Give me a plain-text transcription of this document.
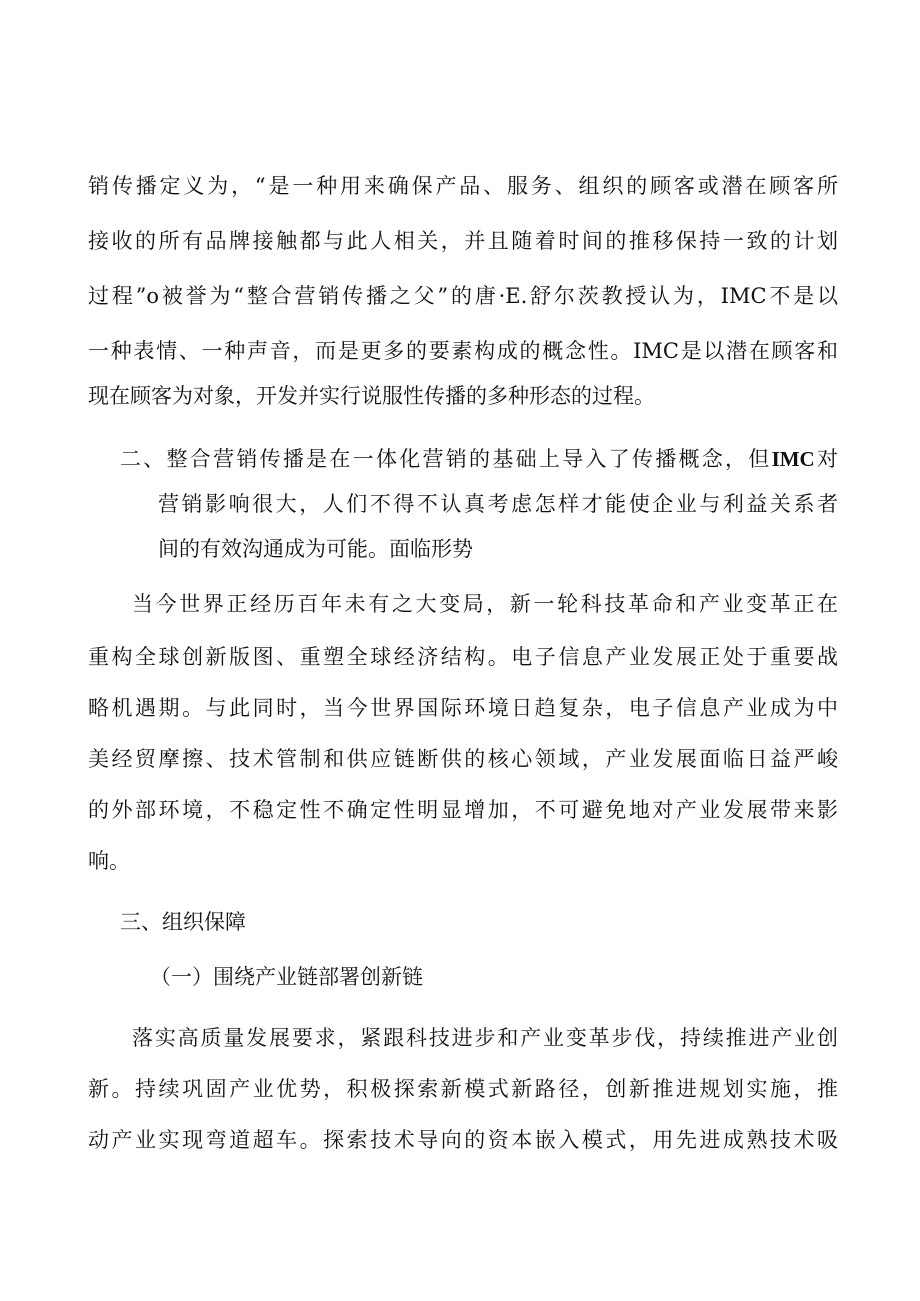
销传播定义为，“是一种用来确保产品、服务、组织的顾客或潜在顾客所
接收的所有品牌接触都与此人相关，并且随着时间的推移保持一致的计划
过程”o被誉为“整合营销传播之父”的唐·E.舒尔茨教授认为，IMC不是以
一种表情、一种声音，而是更多的要素构成的概念性。IMC是以潜在顾客和
现在顾客为对象，开发并实行说服性传播的多种形态的过程。
二、整合营销传播是在一体化营销的基础上导入了传播概念，但IMC对
营销影响很大，人们不得不认真考虑怎样才能使企业与利益关系者
间的有效沟通成为可能。面临形势
当今世界正经历百年未有之大变局，新一轮科技革命和产业变革正在
重构全球创新版图、重塑全球经济结构。电子信息产业发展正处于重要战
略机遇期。与此同时，当今世界国际环境日趋复杂，电子信息产业成为中
美经贸摩擦、技术管制和供应链断供的核心领域，产业发展面临日益严峻
的外部环境，不稳定性不确定性明显增加，不可避免地对产业发展带来影
响。
三、组织保障
（一）围绕产业链部署创新链
落实高质量发展要求，紧跟科技进步和产业变革步伐，持续推进产业创
新。持续巩固产业优势，积极探索新模式新路径，创新推进规划实施，推
动产业实现弯道超车。探索技术导向的资本嵌入模式，用先进成熟技术吸
